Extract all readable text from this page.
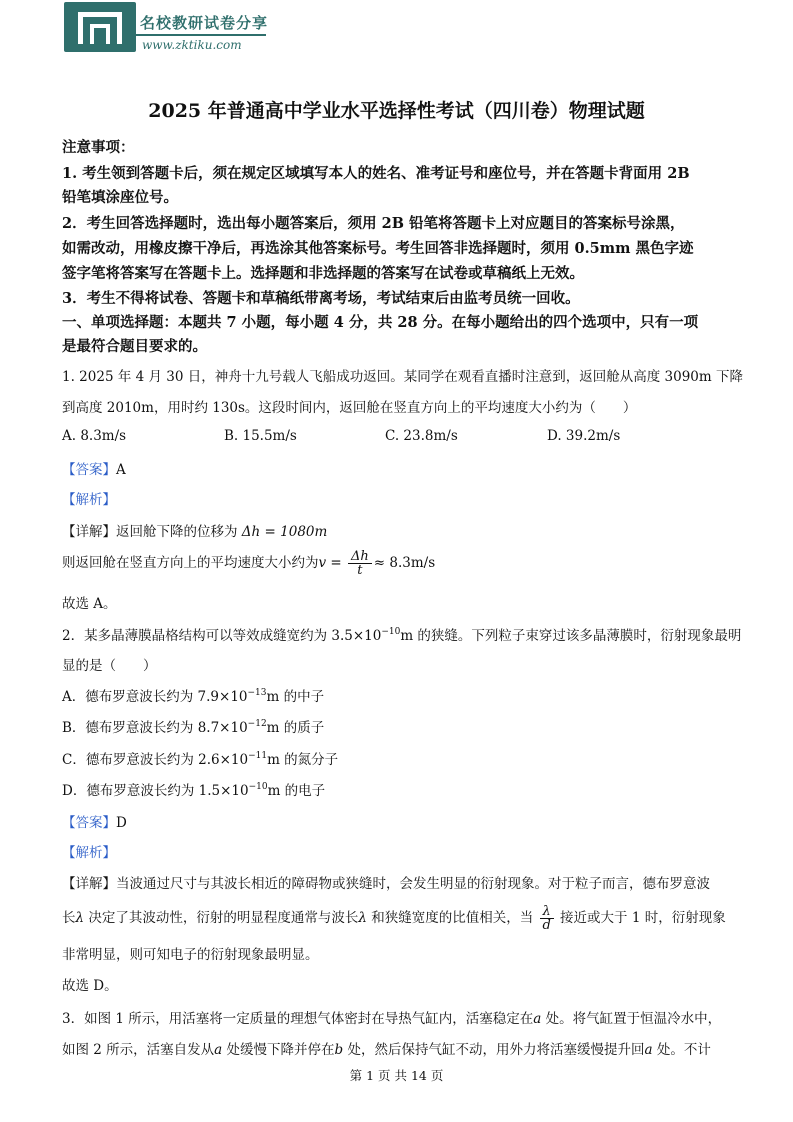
名校教研试卷分享
www.zktiku.com
2025 年普通高中学业水平选择性考试（四川卷）物理试题
注意事项：
1. 考生领到答题卡后，须在规定区域填写本人的姓名、准考证号和座位号，并在答题卡背面用 2B
铅笔填涂座位号。
2．考生回答选择题时，选出每小题答案后，须用 2B 铅笔将答题卡上对应题目的答案标号涂黑，
如需改动，用橡皮擦干净后，再选涂其他答案标号。考生回答非选择题时，须用 0.5mm 黑色字迹
签字笔将答案写在答题卡上。选择题和非选择题的答案写在试卷或草稿纸上无效。
3．考生不得将试卷、答题卡和草稿纸带离考场，考试结束后由监考员统一回收。
一、单项选择题：本题共 7 小题，每小题 4 分，共 28 分。在每小题给出的四个选项中，只有一项
是最符合题目要求的。
1. 2025 年 4 月 30 日，神舟十九号载人飞船成功返回。某同学在观看直播时注意到，返回舱从高度 3090m 下降
到高度 2010m，用时约 130s。这段时间内，返回舱在竖直方向上的平均速度大小约为（　　）
A. 8.3m/s	B. 15.5m/s	C. 23.8m/s	D. 39.2m/s
【答案】A
【解析】
【详解】返回舱下降的位移为 Δh = 1080m
则返回舱在竖直方向上的平均速度大小约为$v = \frac{\Delta h}{t} \approx 8.3m/s$
故选 A。
2．某多晶薄膜晶格结构可以等效成缝宽约为 $3.5\times 10^{-10}m$ 的狭缝。下列粒子束穿过该多晶薄膜时，衍射现象最明
显的是（　　）
A．德布罗意波长约为 $7.9\times 10^{-13}m$ 的中子
B．德布罗意波长约为 $8.7\times 10^{-12}m$ 的质子
C．德布罗意波长约为 $2.6\times 10^{-11}m$ 的氮分子
D．德布罗意波长约为 $1.5\times 10^{-10}m$ 的电子
【答案】D
【解析】
【详解】当波通过尺寸与其波长相近的障碍物或狭缝时，会发生明显的衍射现象。对于粒子而言，德布罗意波
长λ 决定了其波动性，衍射的明显程度通常与波长λ 和狭缝宽度的比值相关，当 $\frac{\lambda}{d}$ 接近或大于 1 时，衍射现象
非常明显，则可知电子的衍射现象最明显。
故选 D。
3．如图 1 所示，用活塞将一定质量的理想气体密封在导热气缸内，活塞稳定在a 处。将气缸置于恒温冷水中，
如图 2 所示，活塞自发从a 处缓慢下降并停在b 处，然后保持气缸不动，用外力将活塞缓慢提升回a 处。不计
第 1 页 共 14 页
